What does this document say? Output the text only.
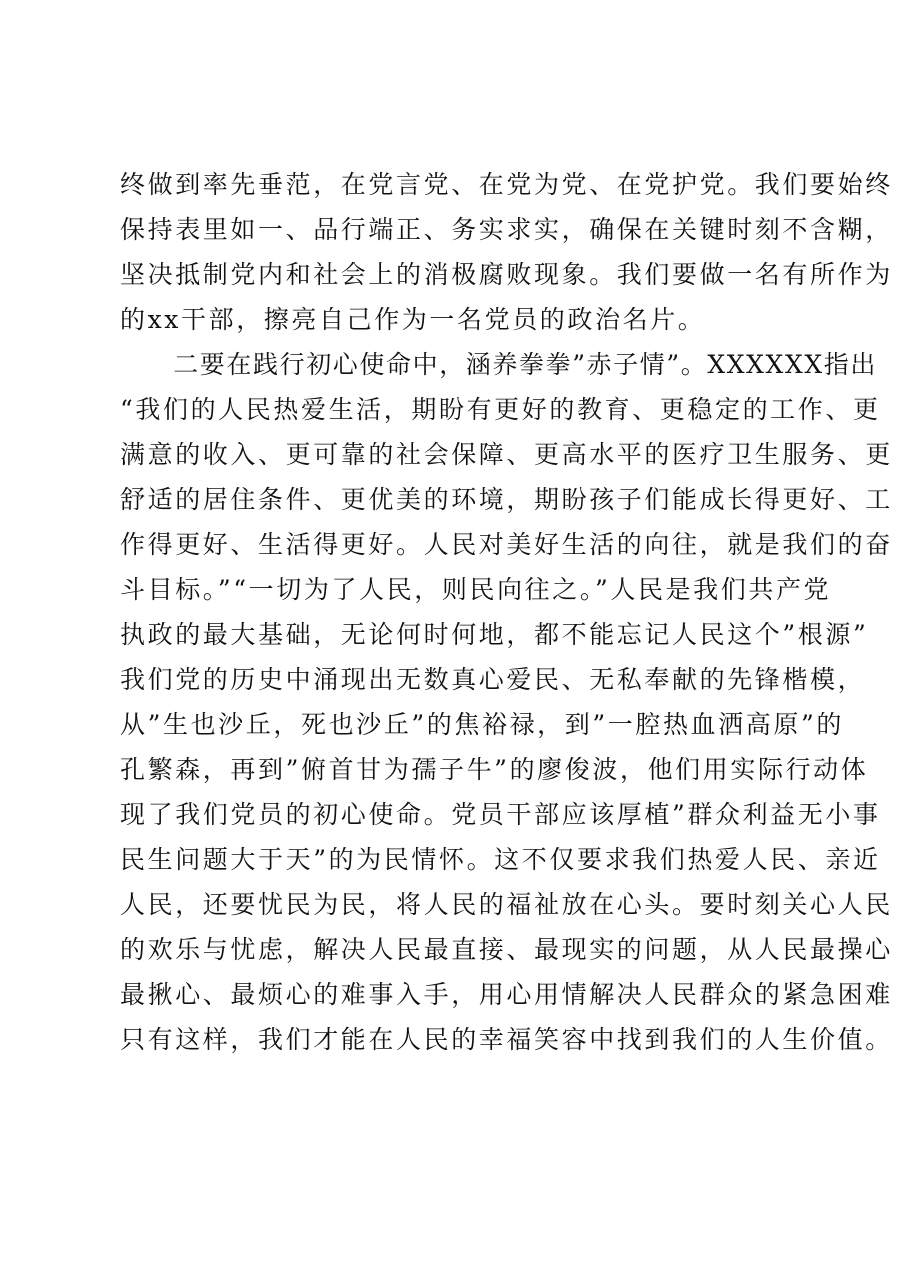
终做到率先垂范，在党言党、在党为党、在党护党。我们要始终
保持表里如一、品行端正、务实求实，确保在关键时刻不含糊，
坚决抵制党内和社会上的消极腐败现象。我们要做一名有所作为
的xx干部，擦亮自己作为一名党员的政治名片。
　　二要在践行初心使命中，涵养拳拳”赤子情”。XXXXXX指出
“我们的人民热爱生活，期盼有更好的教育、更稳定的工作、更
满意的收入、更可靠的社会保障、更高水平的医疗卫生服务、更
舒适的居住条件、更优美的环境，期盼孩子们能成长得更好、工
作得更好、生活得更好。人民对美好生活的向往，就是我们的奋
斗目标。”“一切为了人民，则民向往之。”人民是我们共产党
执政的最大基础，无论何时何地，都不能忘记人民这个”根源”
我们党的历史中涌现出无数真心爱民、无私奉献的先锋楷模，
从”生也沙丘，死也沙丘”的焦裕禄，到”一腔热血洒高原”的
孔繁森，再到”俯首甘为孺子牛”的廖俊波，他们用实际行动体
现了我们党员的初心使命。党员干部应该厚植”群众利益无小事
民生问题大于天”的为民情怀。这不仅要求我们热爱人民、亲近
人民，还要忧民为民，将人民的福祉放在心头。要时刻关心人民
的欢乐与忧虑，解决人民最直接、最现实的问题，从人民最操心
最揪心、最烦心的难事入手，用心用情解决人民群众的紧急困难
只有这样，我们才能在人民的幸福笑容中找到我们的人生价值。
